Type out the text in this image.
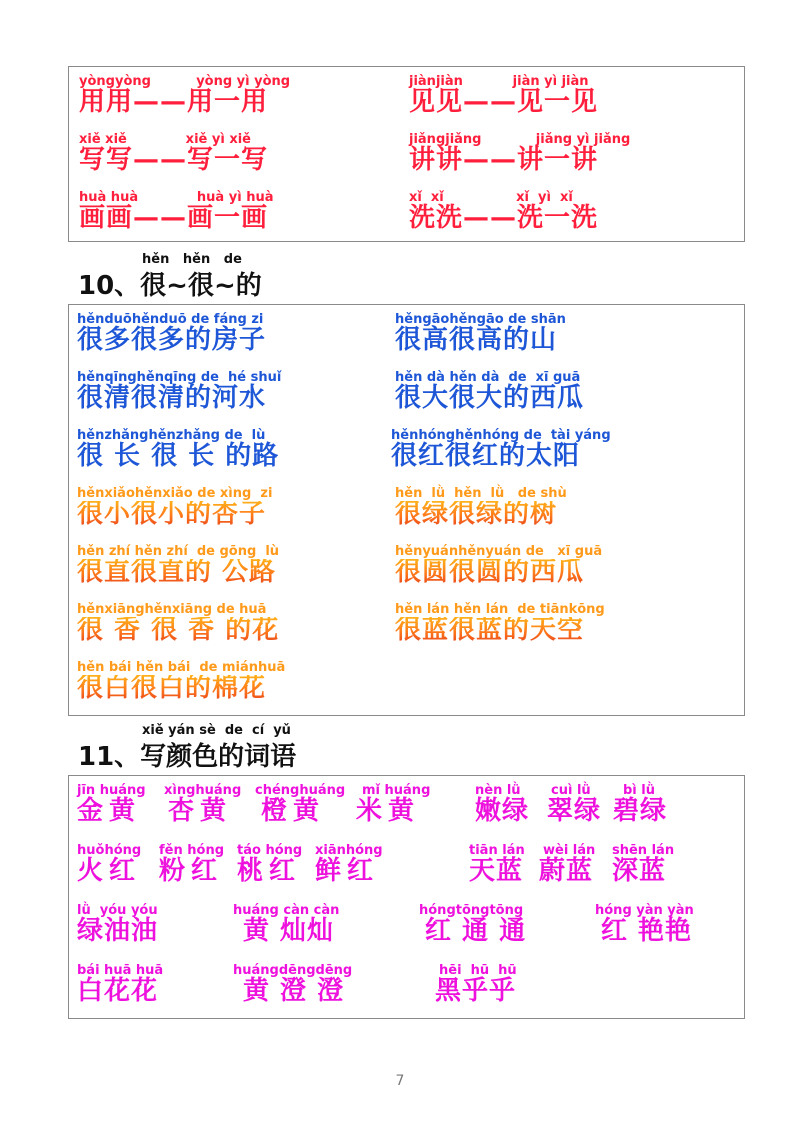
yòngyòng          yòng yì yòng

用用——用一用

jiànjiàn           jiàn yì jiàn

见见——见一见

xiě xiě             xiě yì xiě

写写——写一写

jiǎngjiǎng            jiǎng yì jiǎng

讲讲——讲一讲

huà huà             huà yì huà

画画——画一画

xǐ  xǐ                xǐ  yì  xǐ

洗洗——洗一洗

hěn   hěn   de
10、很~很~的

hěnduōhěnduō de fáng zi

很多很多的房子

hěngāohěngāo de shān

很高很高的山

hěnqīnghěnqīng de  hé shuǐ

很清很清的河水

hěn dà hěn dà  de  xī guā

很大很大的西瓜

hěnzhǎnghěnzhǎng de  lù

很 长 很 长 的路

hěnhónghěnhóng de  tài yáng

很红很红的太阳

hěnxiǎohěnxiǎo de xìng  zi

很小很小的杏子

hěn  lǜ  hěn  lǜ   de shù

很绿很绿的树

hěn zhí hěn zhí  de gōng  lù

很直很直的 公路

hěnyuánhěnyuán de   xī guā

很圆很圆的西瓜

hěnxiānghěnxiāng de huā

很 香 很 香 的花

hěn lán hěn lán  de tiānkōng

很蓝很蓝的天空

hěn bái hěn bái  de miánhuā

很白很白的棉花

xiě yán sè  de  cí  yǔ
11、写颜色的词语

jīn huáng

金黄

xìnghuáng

杏黄

chénghuáng

橙黄

mǐ huáng

米黄

nèn lǜ

嫩绿

cuì lǜ

翠绿

bì lǜ

碧绿

huǒhóng

火红

fěn hóng

粉红

táo hóng

桃红

xiānhóng

鲜红

tiān lán

天蓝

wèi lán

蔚蓝

shēn lán

深蓝

lǜ  yóu yóu

绿油油

huáng càn càn

黄 灿灿

hóngtōngtōng

红 通 通

hóng yàn yàn

红 艳艳

bái huā huā

白花花

huángdēngdēng

黄 澄 澄

hēi  hū  hū

黑乎乎

7
